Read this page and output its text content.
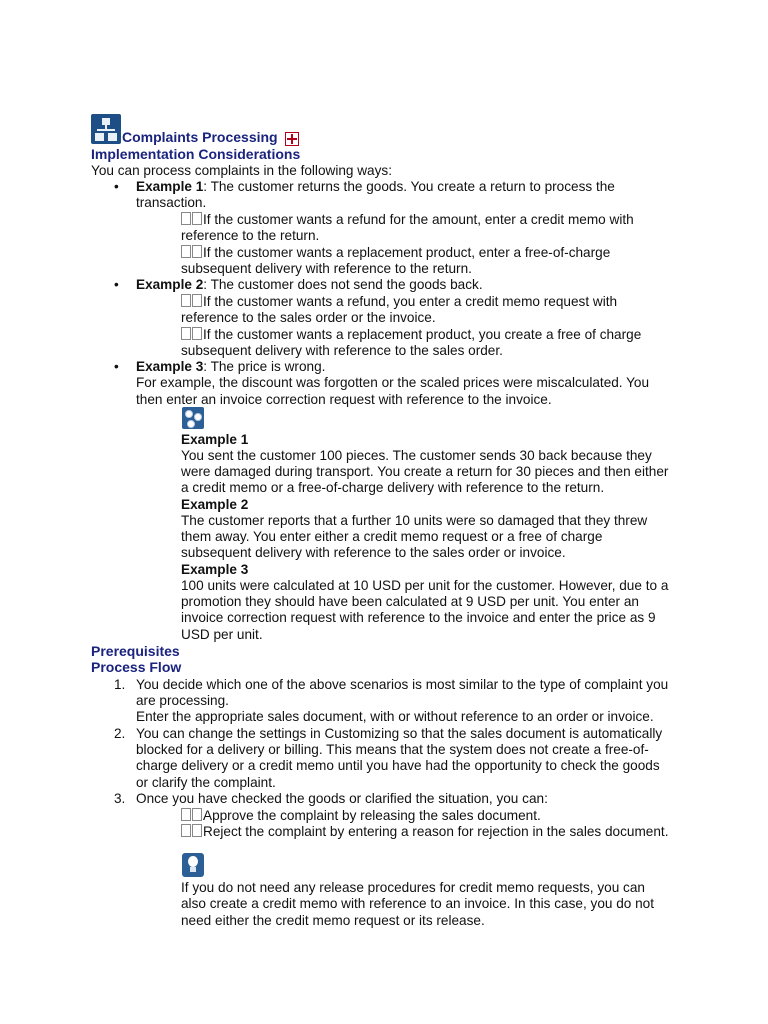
Complaints Processing
Implementation Considerations
You can process complaints in the following ways:
• Example 1: The customer returns the goods. You create a return to process the
transaction.
If the customer wants a refund for the amount, enter a credit memo with
reference to the return.
If the customer wants a replacement product, enter a free-of-charge
subsequent delivery with reference to the return.
• Example 2: The customer does not send the goods back.
If the customer wants a refund, you enter a credit memo request with
reference to the sales order or the invoice.
If the customer wants a replacement product, you create a free of charge
subsequent delivery with reference to the sales order.
• Example 3: The price is wrong.
For example, the discount was forgotten or the scaled prices were miscalculated. You
then enter an invoice correction request with reference to the invoice.
Example 1
You sent the customer 100 pieces. The customer sends 30 back because they
were damaged during transport. You create a return for 30 pieces and then either
a credit memo or a free-of-charge delivery with reference to the return.
Example 2
The customer reports that a further 10 units were so damaged that they threw
them away. You enter either a credit memo request or a free of charge
subsequent delivery with reference to the sales order or invoice.
Example 3
100 units were calculated at 10 USD per unit for the customer. However, due to a
promotion they should have been calculated at 9 USD per unit. You enter an
invoice correction request with reference to the invoice and enter the price as 9
USD per unit.
Prerequisites
Process Flow
1. You decide which one of the above scenarios is most similar to the type of complaint you
are processing.
Enter the appropriate sales document, with or without reference to an order or invoice.
2. You can change the settings in Customizing so that the sales document is automatically
blocked for a delivery or billing. This means that the system does not create a free-of-
charge delivery or a credit memo until you have had the opportunity to check the goods
or clarify the complaint.
3. Once you have checked the goods or clarified the situation, you can:
Approve the complaint by releasing the sales document.
Reject the complaint by entering a reason for rejection in the sales document.
If you do not need any release procedures for credit memo requests, you can
also create a credit memo with reference to an invoice. In this case, you do not
need either the credit memo request or its release.
